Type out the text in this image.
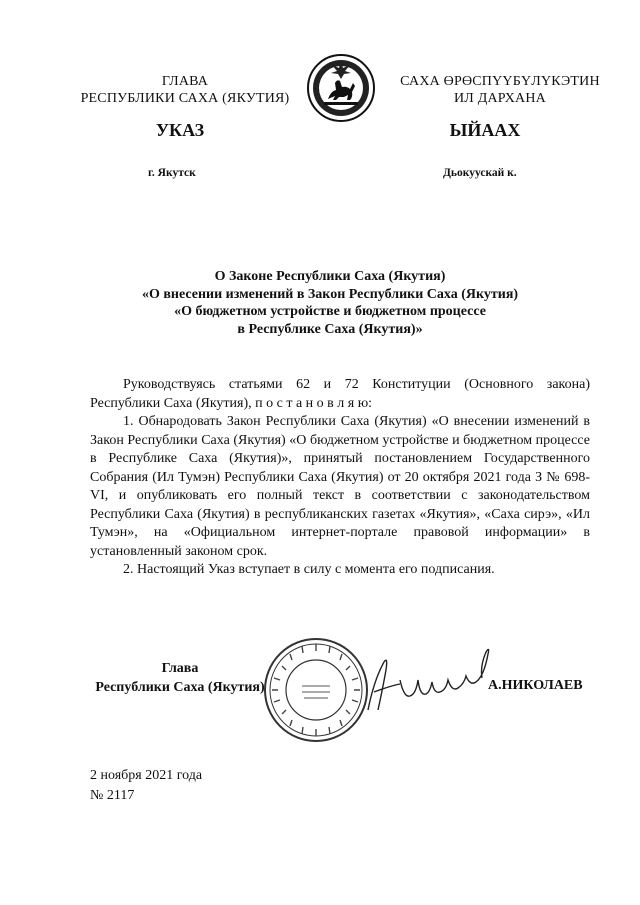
ГЛАВА
РЕСПУБЛИКИ САХА (ЯКУТИЯ)
САХА ӨРӨСПҮҮБҮЛҮКЭТИН
ИЛ ДАРХАНА
УКАЗ	ЫЙААХ
г. Якутск	Дьокуускай к.
О Законе Республики Саха (Якутия)
«О внесении изменений в Закон Республики Саха (Якутия)
«О бюджетном устройстве и бюджетном процессе
в Республике Саха (Якутия)»

Руководствуясь статьями 62 и 72 Конституции (Основного закона) Республики Саха (Якутия), п о с т а н о в л я ю:

1. Обнародовать Закон Республики Саха (Якутия) «О внесении изменений в Закон Республики Саха (Якутия) «О бюджетном устройстве и бюджетном процессе в Республике Саха (Якутия)», принятый постановлением Государственного Собрания (Ил Тумэн) Республики Саха (Якутия) от 20 октября 2021 года З № 698-VI, и опубликовать его полный текст в соответствии с законодательством Республики Саха (Якутия) в республиканских газетах «Якутия», «Саха сирэ», «Ил Тумэн», на «Официальном интернет-портале правовой информации» в установленный законом срок.

2. Настоящий Указ вступает в силу с момента его подписания.

Глава
Республики Саха (Якутия)	А.НИКОЛАЕВ
2 ноября 2021 года
№ 2117
